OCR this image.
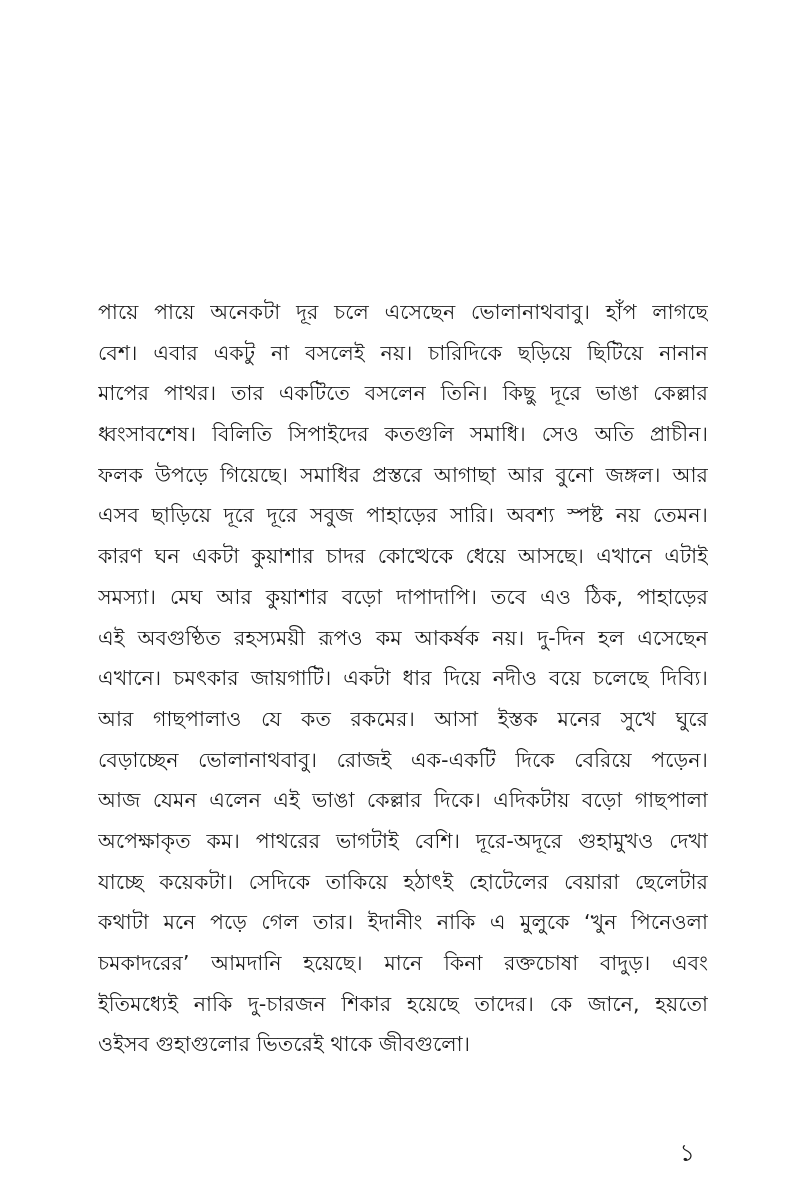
পায়ে পায়ে অনেকটা দূর চলে এসেছেন ভোলানাথবাবু। হাঁপ লাগছে
বেশ। এবার একটু না বসলেই নয়। চারিদিকে ছড়িয়ে ছিটিয়ে নানান
মাপের পাথর। তার একটিতে বসলেন তিনি। কিছু দূরে ভাঙা কেল্লার
ধ্বংসাবশেষ। বিলিতি সিপাইদের কতগুলি সমাধি। সেও অতি প্রাচীন।
ফলক উপড়ে গিয়েছে। সমাধির প্রস্তরে আগাছা আর বুনো জঙ্গল। আর
এসব ছাড়িয়ে দূরে দূরে সবুজ পাহাড়ের সারি। অবশ্য স্পষ্ট নয় তেমন।
কারণ ঘন একটা কুয়াশার চাদর কোত্থেকে ধেয়ে আসছে। এখানে এটাই
সমস্যা। মেঘ আর কুয়াশার বড়ো দাপাদাপি। তবে এও ঠিক, পাহাড়ের
এই অবগুণ্ঠিত রহস্যময়ী রূপও কম আকর্ষক নয়। দু-দিন হল এসেছেন
এখানে। চমৎকার জায়গাটি। একটা ধার দিয়ে নদীও বয়ে চলেছে দিব্যি।
আর গাছপালাও যে কত রকমের। আসা ইস্তক মনের সুখে ঘুরে
বেড়াচ্ছেন ভোলানাথবাবু। রোজই এক-একটি দিকে বেরিয়ে পড়েন।
আজ যেমন এলেন এই ভাঙা কেল্লার দিকে। এদিকটায় বড়ো গাছপালা
অপেক্ষাকৃত কম। পাথরের ভাগটাই বেশি। দূরে-অদূরে গুহামুখও দেখা
যাচ্ছে কয়েকটা। সেদিকে তাকিয়ে হঠাৎই হোটেলের বেয়ারা ছেলেটার
কথাটা মনে পড়ে গেল তার। ইদানীং নাকি এ মুলুকে ‘খুন পিনেওলা
চমকাদরের’ আমদানি হয়েছে। মানে কিনা রক্তচোষা বাদুড়। এবং
ইতিমধ্যেই নাকি দু-চারজন শিকার হয়েছে তাদের। কে জানে, হয়তো
ওইসব গুহাগুলোর ভিতরেই থাকে জীবগুলো।
১
